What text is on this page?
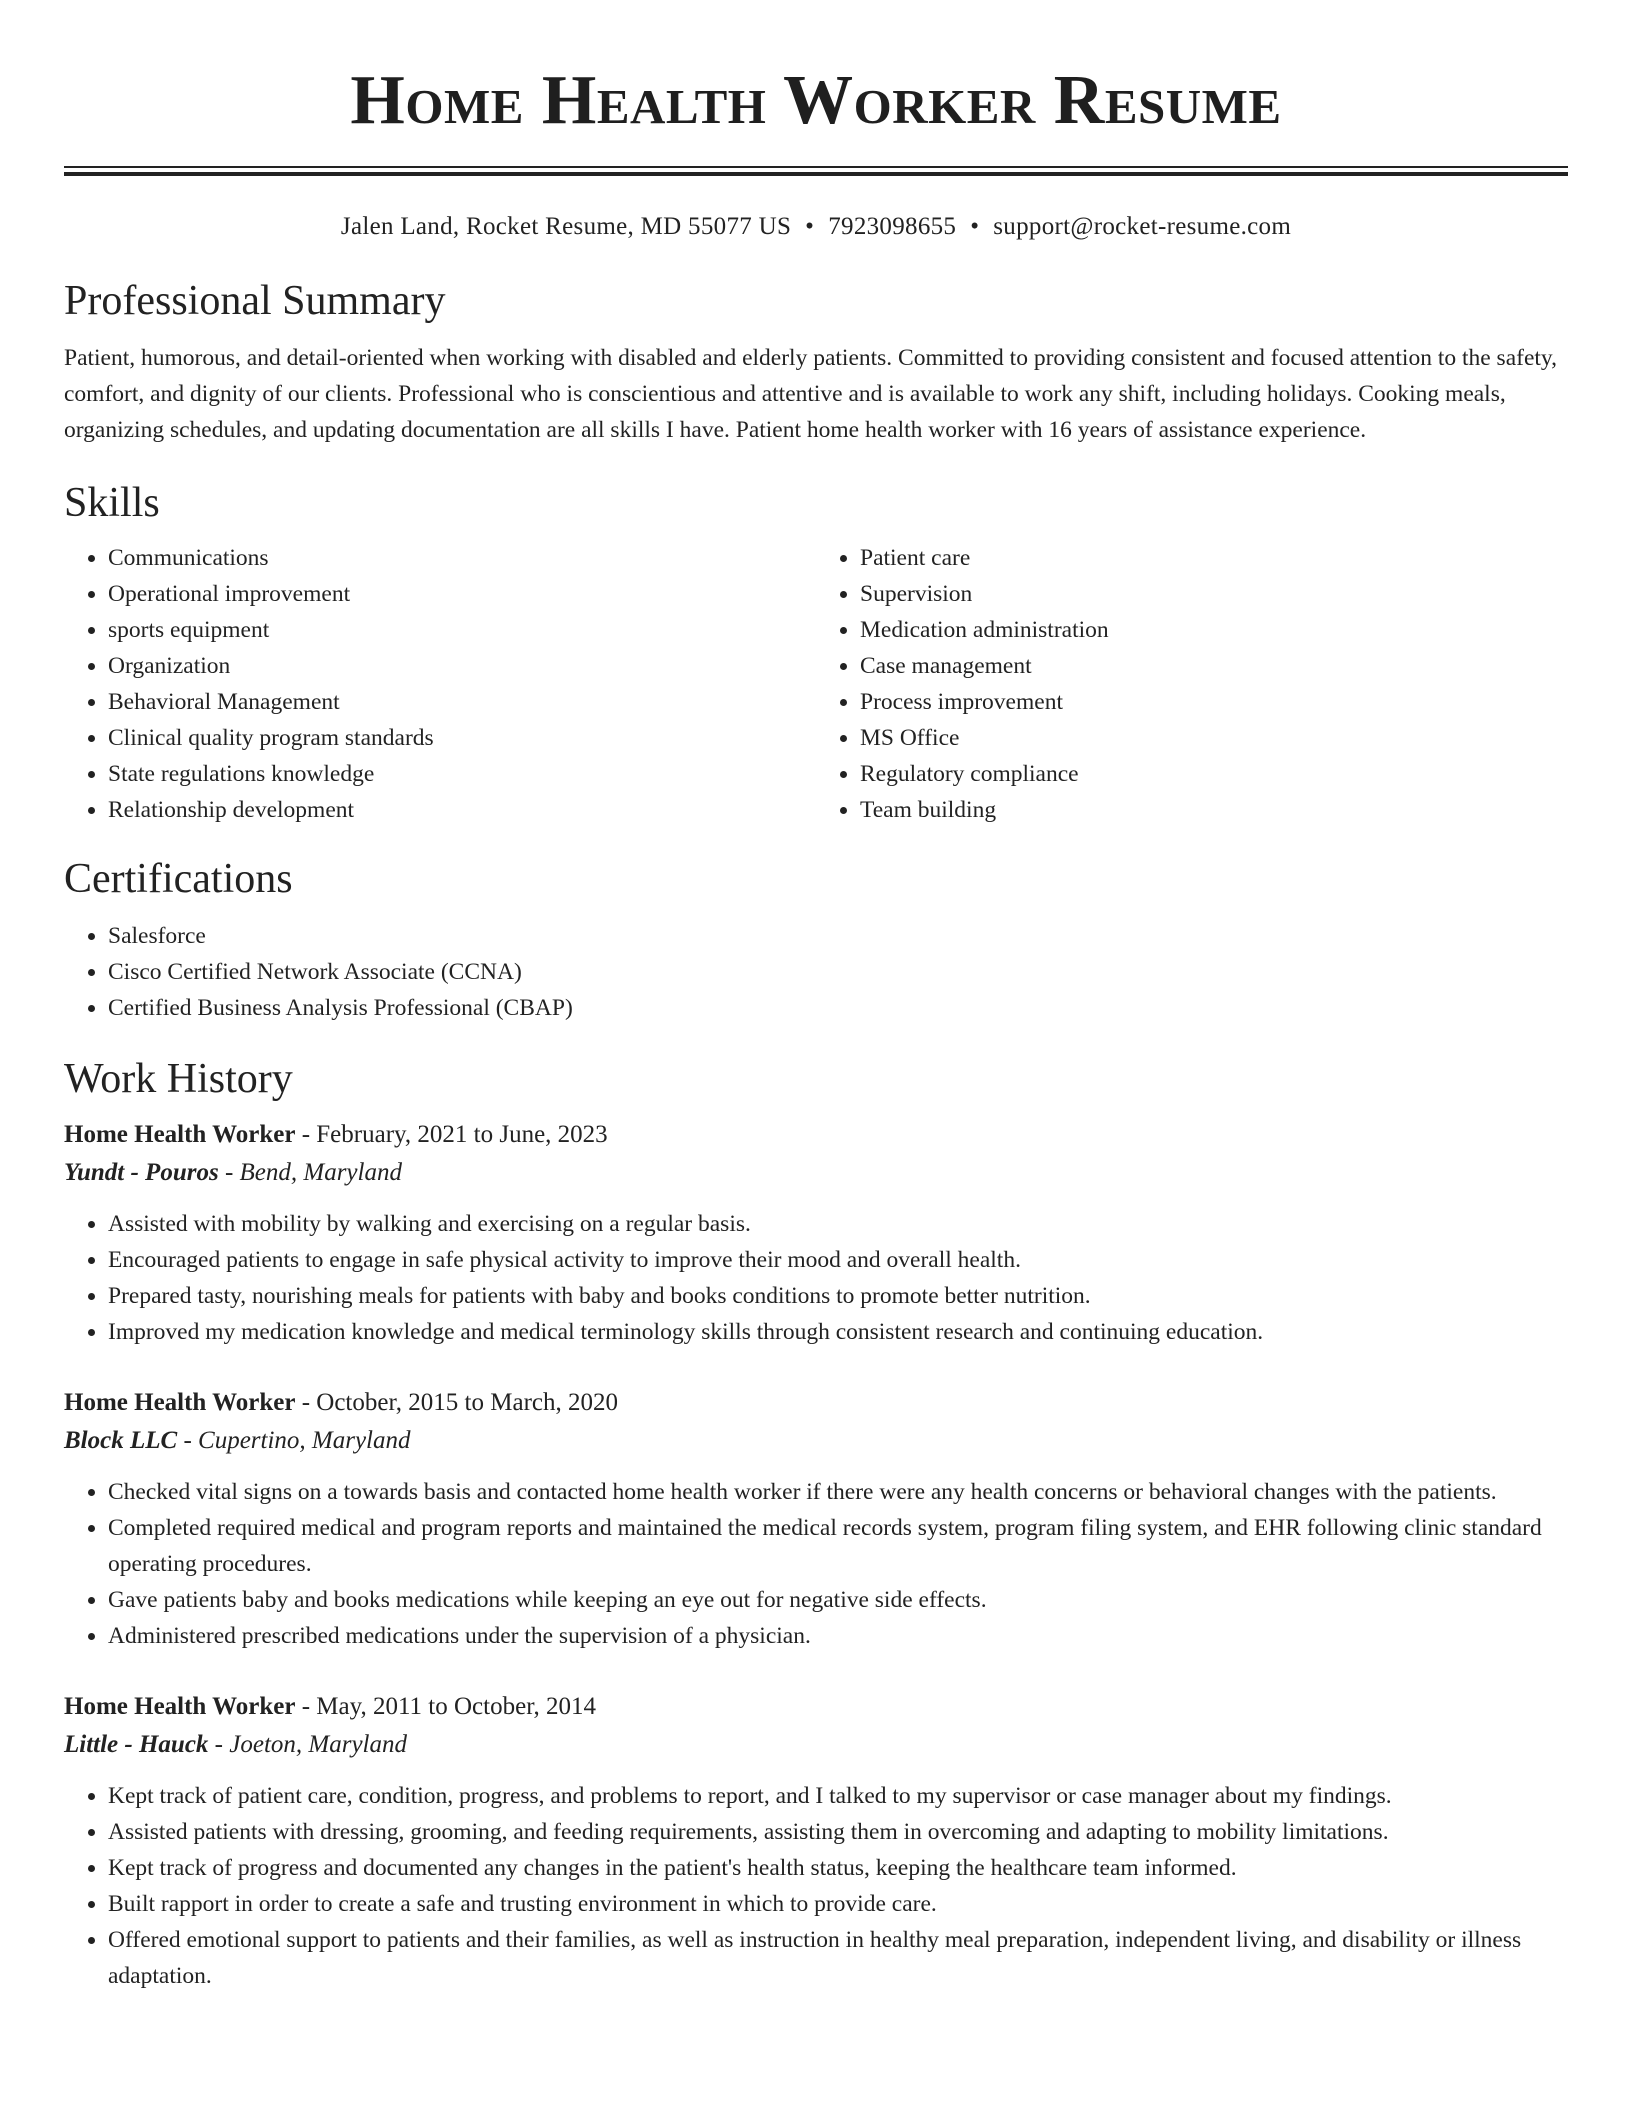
Home Health Worker Resume
Jalen Land, Rocket Resume, MD 55077 US • 7923098655 • support@rocket-resume.com
Professional Summary

Patient, humorous, and detail-oriented when working with disabled and elderly patients. Committed to providing consistent and focused attention to the safety, comfort, and dignity of our clients. Professional who is conscientious and attentive and is available to work any shift, including holidays. Cooking meals, organizing schedules, and updating documentation are all skills I have. Patient home health worker with 16 years of assistance experience.

Skills
• Communications
• Operational improvement
• sports equipment
• Organization
• Behavioral Management
• Clinical quality program standards
• State regulations knowledge
• Relationship development
• Patient care
• Supervision
• Medication administration
• Case management
• Process improvement
• MS Office
• Regulatory compliance
• Team building
Certifications
• Salesforce
• Cisco Certified Network Associate (CCNA)
• Certified Business Analysis Professional (CBAP)
Work History
Home Health Worker - February, 2021 to June, 2023
Yundt - Pouros - Bend, Maryland
• Assisted with mobility by walking and exercising on a regular basis.
• Encouraged patients to engage in safe physical activity to improve their mood and overall health.
• Prepared tasty, nourishing meals for patients with baby and books conditions to promote better nutrition.
• Improved my medication knowledge and medical terminology skills through consistent research and continuing education.
Home Health Worker - October, 2015 to March, 2020
Block LLC - Cupertino, Maryland
• Checked vital signs on a towards basis and contacted home health worker if there were any health concerns or behavioral changes with the patients.
• Completed required medical and program reports and maintained the medical records system, program filing system, and EHR following clinic standard operating procedures.
• Gave patients baby and books medications while keeping an eye out for negative side effects.
• Administered prescribed medications under the supervision of a physician.
Home Health Worker - May, 2011 to October, 2014
Little - Hauck - Joeton, Maryland
• Kept track of patient care, condition, progress, and problems to report, and I talked to my supervisor or case manager about my findings.
• Assisted patients with dressing, grooming, and feeding requirements, assisting them in overcoming and adapting to mobility limitations.
• Kept track of progress and documented any changes in the patient's health status, keeping the healthcare team informed.
• Built rapport in order to create a safe and trusting environment in which to provide care.
• Offered emotional support to patients and their families, as well as instruction in healthy meal preparation, independent living, and disability or illness adaptation.
